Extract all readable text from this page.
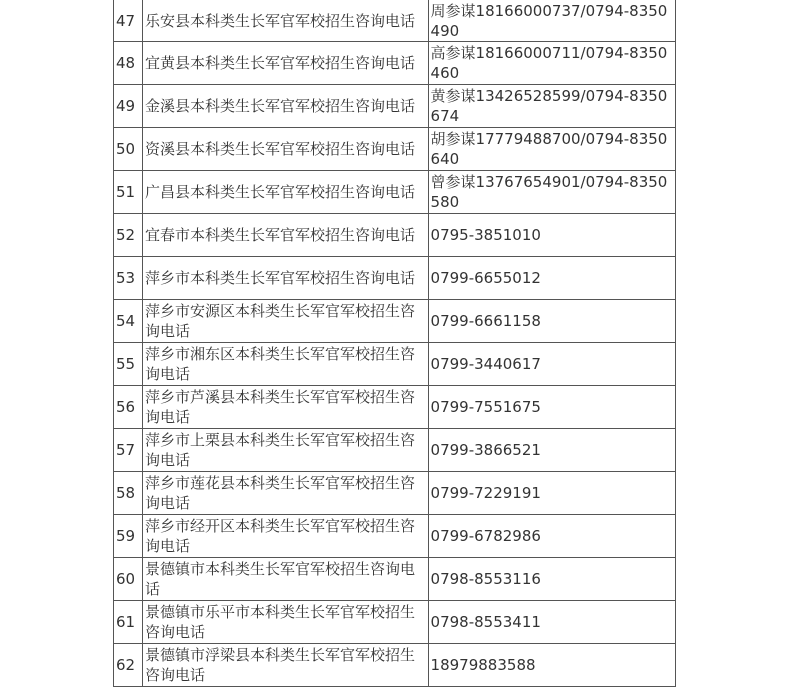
47	乐安县本科类生长军官军校招生咨询电话	周参谋18166000737/0794-8350490
48	宜黄县本科类生长军官军校招生咨询电话	高参谋18166000711/0794-8350460
49	金溪县本科类生长军官军校招生咨询电话	黄参谋13426528599/0794-8350674
50	资溪县本科类生长军官军校招生咨询电话	胡参谋17779488700/0794-8350640
51	广昌县本科类生长军官军校招生咨询电话	曾参谋13767654901/0794-8350580
52	宜春市本科类生长军官军校招生咨询电话	0795-3851010
53	萍乡市本科类生长军官军校招生咨询电话	0799-6655012
54	萍乡市安源区本科类生长军官军校招生咨询电话	0799-6661158
55	萍乡市湘东区本科类生长军官军校招生咨询电话	0799-3440617
56	萍乡市芦溪县本科类生长军官军校招生咨询电话	0799-7551675
57	萍乡市上栗县本科类生长军官军校招生咨询电话	0799-3866521
58	萍乡市莲花县本科类生长军官军校招生咨询电话	0799-7229191
59	萍乡市经开区本科类生长军官军校招生咨询电话	0799-6782986
60	景德镇市本科类生长军官军校招生咨询电话	0798-8553116
61	景德镇市乐平市本科类生长军官军校招生咨询电话	0798-8553411
62	景德镇市浮梁县本科类生长军官军校招生咨询电话	18979883588
